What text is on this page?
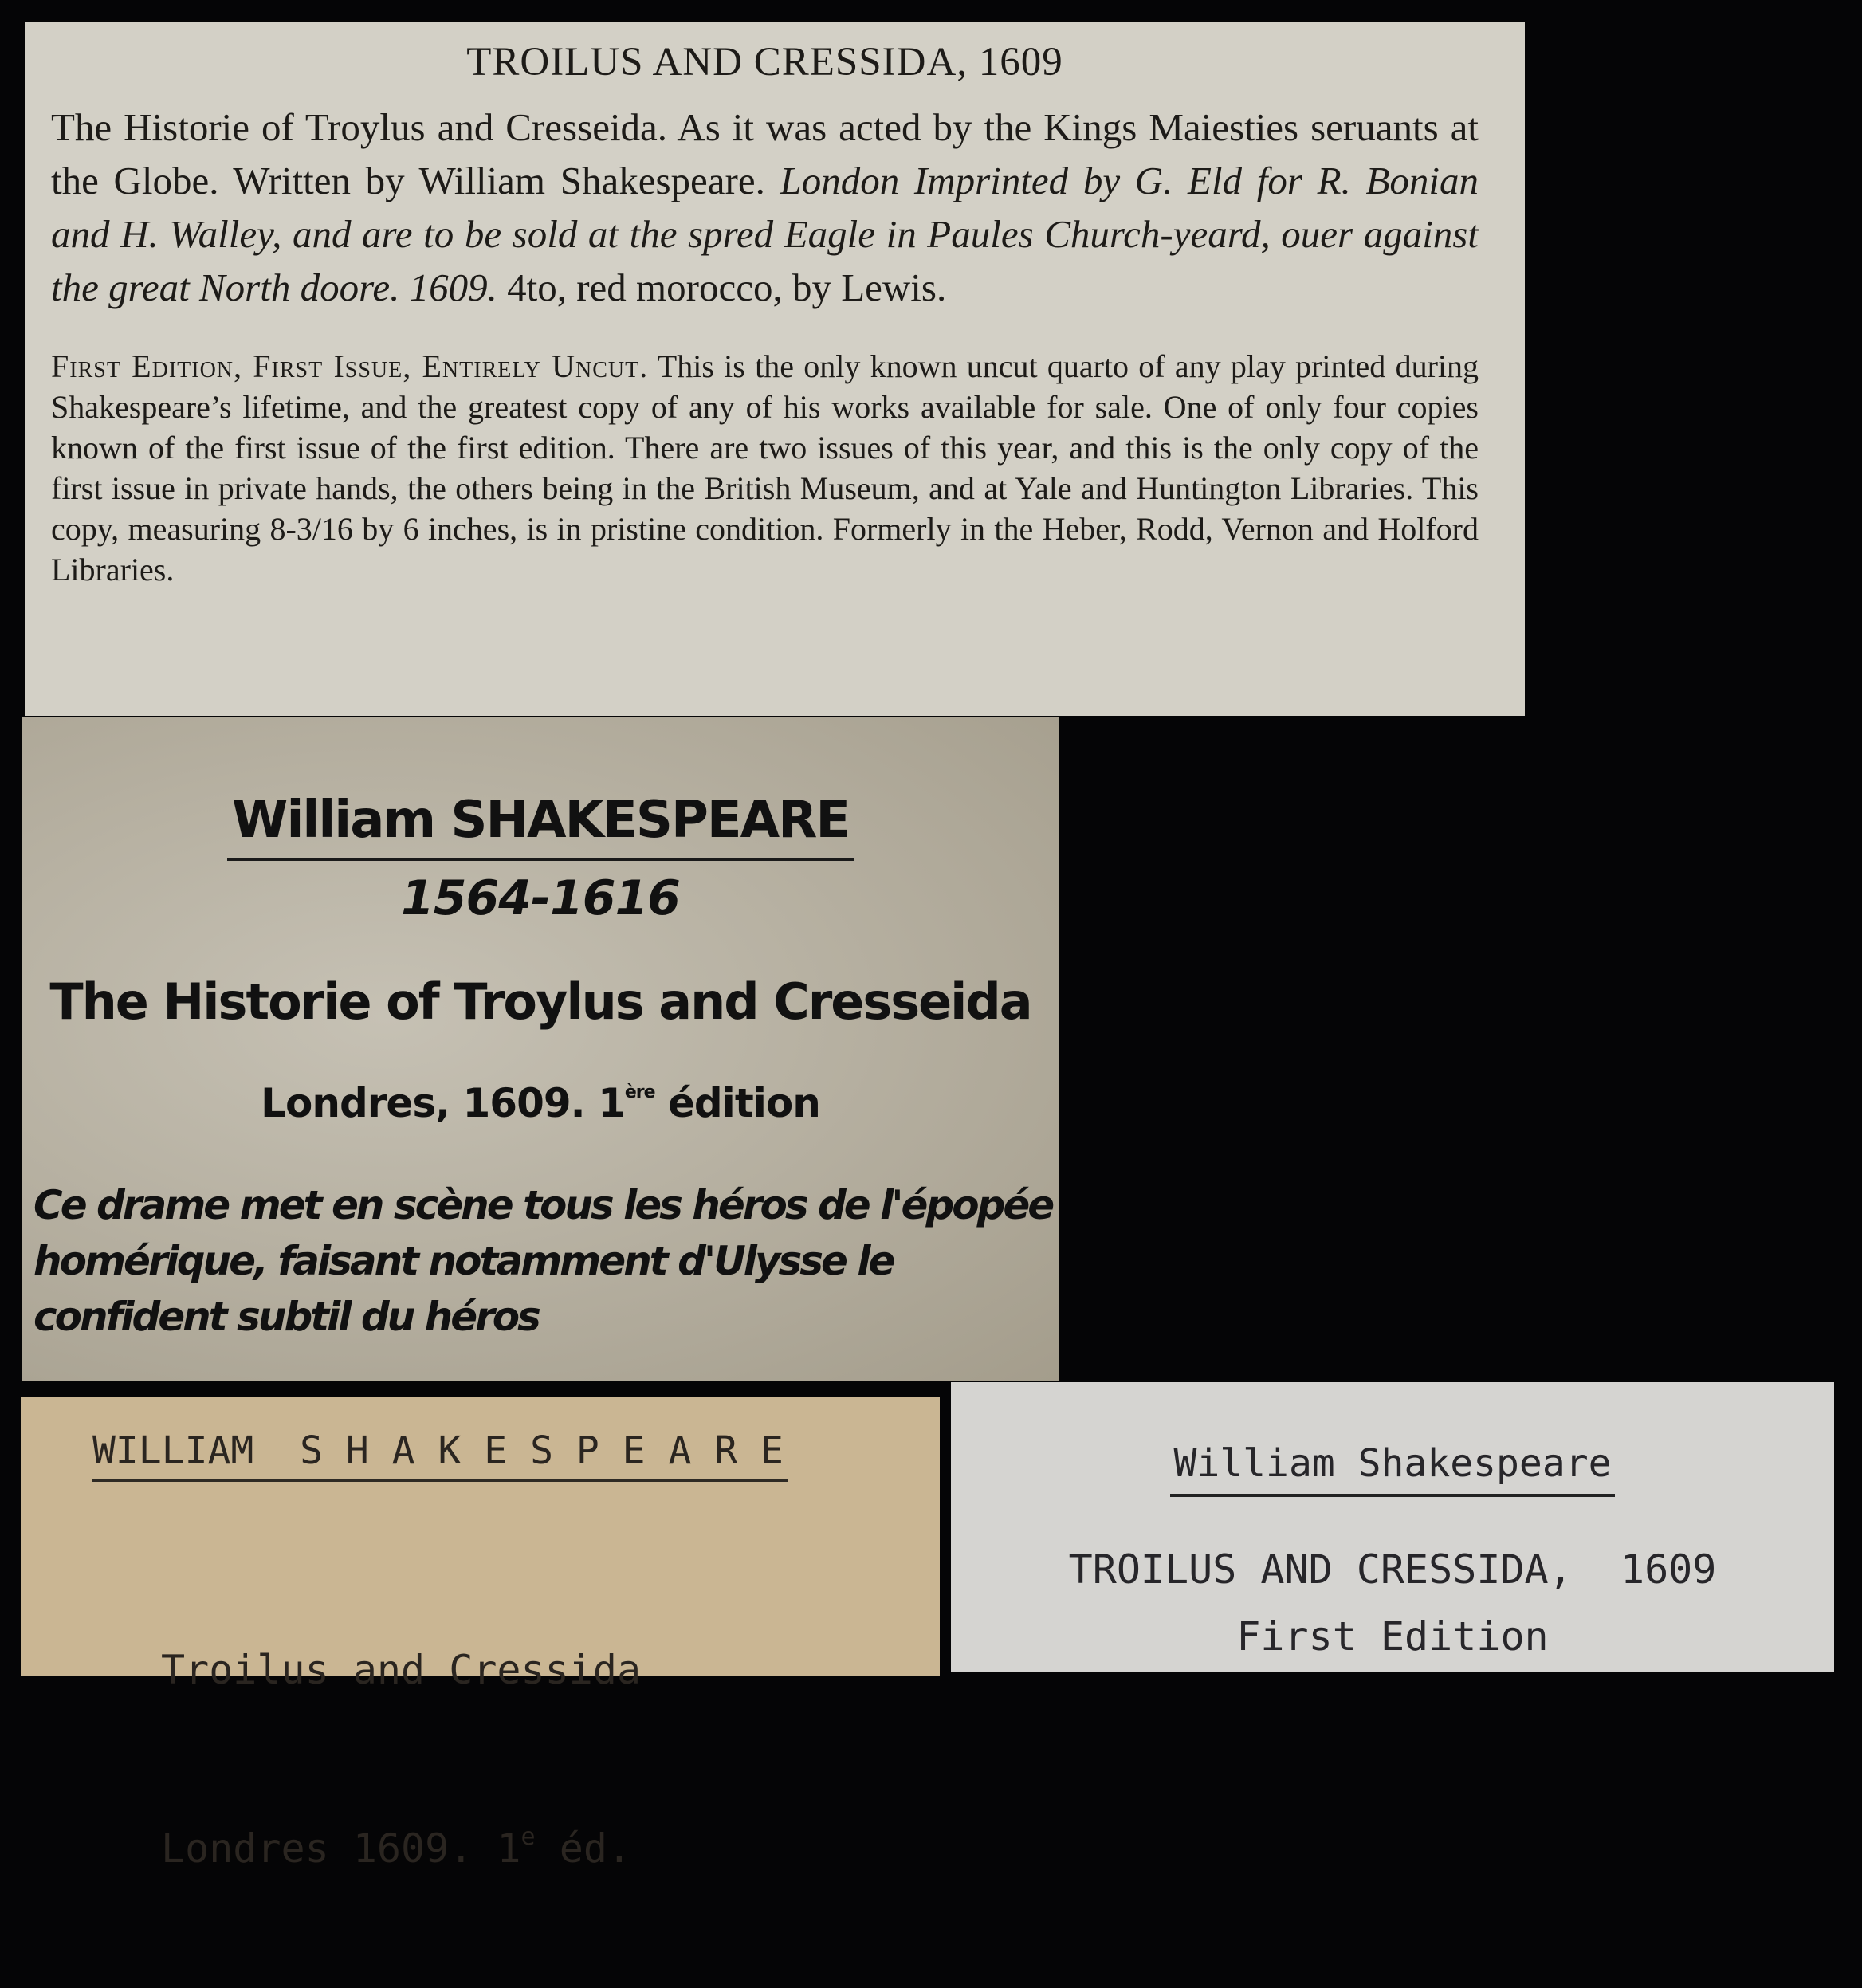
TROILUS AND CRESSIDA, 1609
The Historie of Troylus and Cresseida. As it was acted by the Kings Maiesties seruants at the Globe. Written by William Shakespeare. London Imprinted by G. Eld for R. Bonian and H. Walley, and are to be sold at the spred Eagle in Paules Church-yeard, ouer against the great North doore. 1609. 4to, red morocco, by Lewis.
First Edition, First Issue, Entirely Uncut. This is the only known uncut quarto of any play printed during Shakespeare’s lifetime, and the greatest copy of any of his works available for sale. One of only four copies known of the first issue of the first edition. There are two issues of this year, and this is the only copy of the first issue in private hands, the others being in the British Museum, and at Yale and Huntington Libraries. This copy, measuring 8-3/16 by 6 inches, is in pristine condition. Formerly in the Heber, Rodd, Vernon and Holford Libraries.
William SHAKESPEARE
1564-1616
The Historie of Troylus and Cresseida
Londres, 1609. 1ère édition
Ce drame met en scène tous les héros de l'épopée homérique, faisant notamment d'Ulysse le confident subtil du héros
WILLIAM  S H A K E S P E A R E

Troilus and Cressida

Londres 1609. 1e éd.

William Shakespeare
TROILUS AND CRESSIDA,  1609
First Edition
